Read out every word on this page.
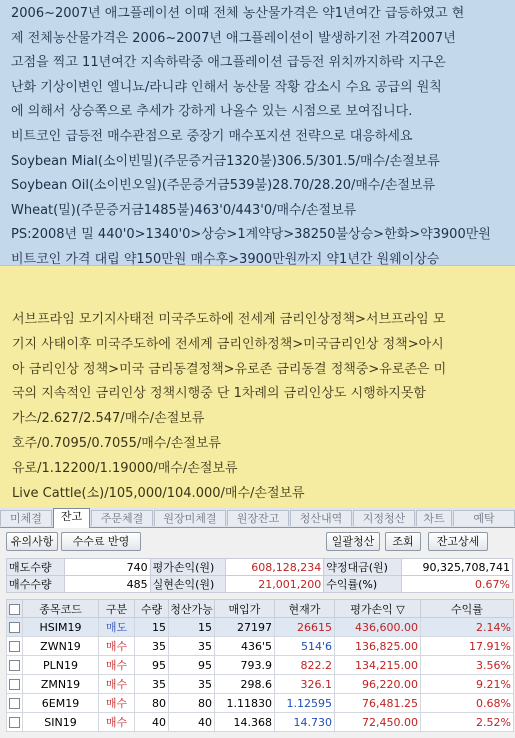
2006~2007년 애그플레이션 이때 전체 농산물가격은 약1년여간 급등하였고 현
제 전체농산물가격은 2006~2007년 애그플레이션이 발생하기전 가격2007년
고점을 찍고 11년여간 지속하락중 애그플레이션 급등전 위치까지하락 지구온
난화 기상이변인 엘니뇨/라니랴 인해서 농산물 작황 감소시 수요 공급의 원칙
에 의해서 상승쪽으로 추세가 강하게 나올수 있는 시점으로 보여집니다.
비트코인 급등전 매수관점으로 중장기 매수포지션 전략으로 대응하세요
Soybean Mial(소이빈밀)(주문증거금1320불)306.5/301.5/매수/손절보류
Soybean Oil(소이빈오일)(주문증거금539불)28.70/28.20/매수/손절보류
Wheat(밀)(주문증거금1485불)463'0/443'0/매수/손절보류
PS:2008년 밀 440'0>1340'0>상승>1계약당>38250불상승>한화>약3900만원
비트코인 가격 대립 약150만원 매수후>3900만원까지 약1년간 원웨이상승
서브프라임 모기지사태전 미국주도하에 전세계 금리인상정책>서브프라임 모
기지 사태이후 미국주도하에 전세계 금리인하정책>미국금리인상 정책>아시
아 금리인상 정책>미국 금리동결정책>유로존 금리동결 정책중>유로존은 미
국의 지속적인 금리인상 정책시행중 단 1차례의 금리인상도 시행하지못함
가스/2.627/2.547/매수/손절보류
호주/0.7095/0.7055/매수/손절보류
유로/1.12200/1.19000/매수/손절보류
Live Cattle(소)/105,000/104.000/매수/손절보류
미체결	잔고	주문체결	원장미체결	원장잔고	청산내역	지정청산	차트	예탁
유의사항	수수료 반영	일괄청산	조회	잔고상세
매도수량	740	평가손익(원)	608,128,234	약정대금(원)	90,325,708,741
매수수량	485	실현손익(원)	21,001,200	수익률(%)	0.67%
	종목코드	구분	수량	청산가능	매입가	현재가	평가손익 ▽	수익률
	HSIM19	매도	15	15	27197	26615	436,600.00	2.14%
	ZWN19	매수	35	35	436'5	514'6	136,825.00	17.91%
	PLN19	매수	95	95	793.9	822.2	134,215.00	3.56%
	ZMN19	매수	35	35	298.6	326.1	96,220.00	9.21%
	6EM19	매수	80	80	1.11830	1.12595	76,481.25	0.68%
	SIN19	매수	40	40	14.368	14.730	72,450.00	2.52%
